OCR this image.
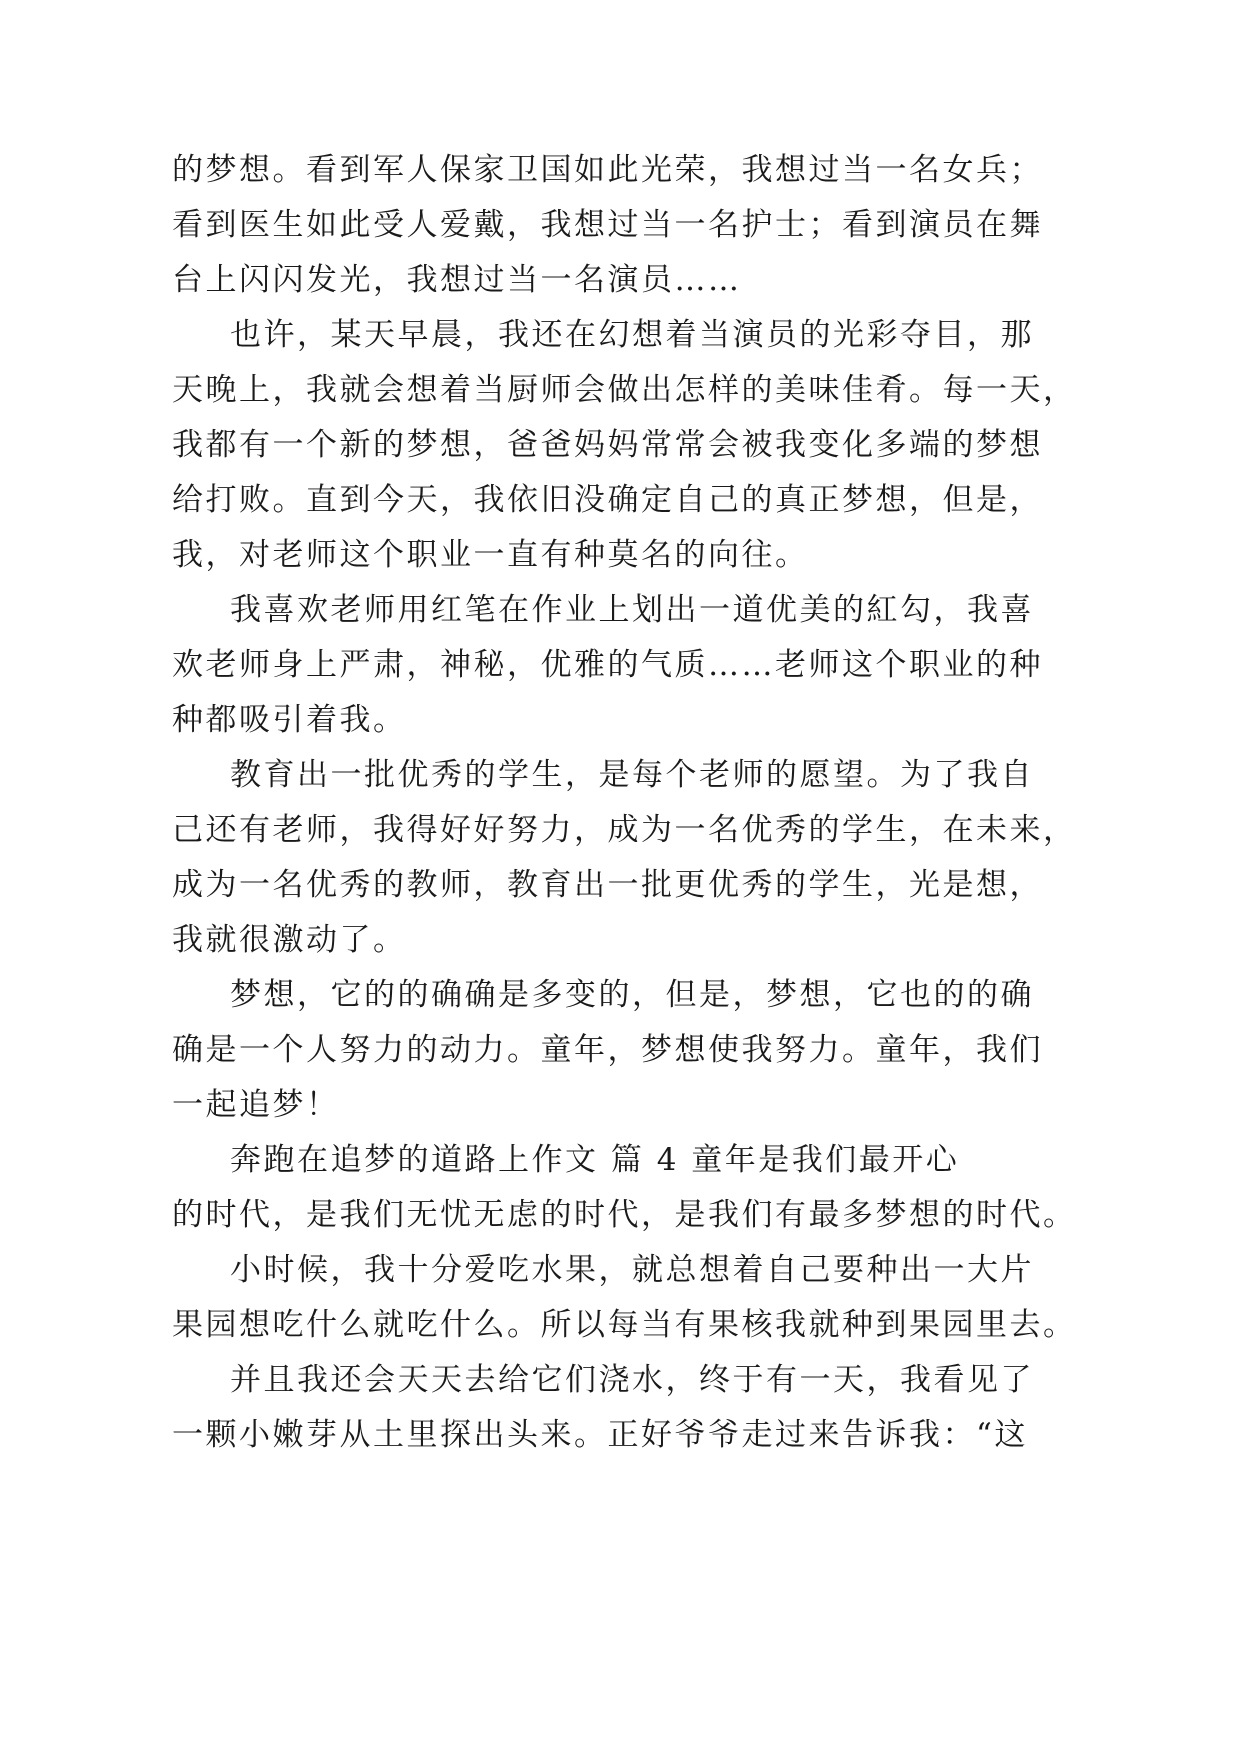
的梦想。看到军人保家卫国如此光荣，我想过当一名女兵；
看到医生如此受人爱戴，我想过当一名护士；看到演员在舞
台上闪闪发光，我想过当一名演员……
也许，某天早晨，我还在幻想着当演员的光彩夺目，那
天晚上，我就会想着当厨师会做出怎样的美味佳肴。每一天，
我都有一个新的梦想，爸爸妈妈常常会被我变化多端的梦想
给打败。直到今天，我依旧没确定自己的真正梦想，但是，
我，对老师这个职业一直有种莫名的向往。
我喜欢老师用红笔在作业上划出一道优美的紅勾，我喜
欢老师身上严肃，神秘，优雅的气质……老师这个职业的种
种都吸引着我。
教育出一批优秀的学生，是每个老师的愿望。为了我自
己还有老师，我得好好努力，成为一名优秀的学生，在未来，
成为一名优秀的教师，教育出一批更优秀的学生，光是想，
我就很激动了。
梦想，它的的确确是多变的，但是，梦想，它也的的确
确是一个人努力的动力。童年，梦想使我努力。童年，我们
一起追梦！
奔跑在追梦的道路上作文 篇 4 童年是我们最开心
的时代，是我们无忧无虑的时代，是我们有最多梦想的时代。
小时候，我十分爱吃水果，就总想着自己要种出一大片
果园想吃什么就吃什么。所以每当有果核我就种到果园里去。
并且我还会天天去给它们浇水，终于有一天，我看见了
一颗小嫩芽从土里探出头来。正好爷爷走过来告诉我：“这
